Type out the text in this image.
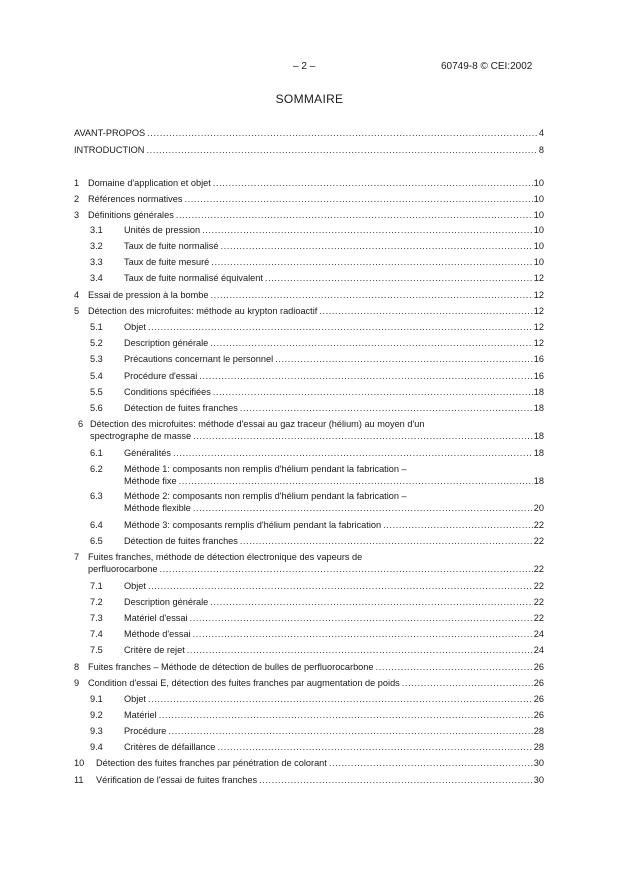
– 2 –	60749-8 © CEI:2002
SOMMAIRE
AVANT-PROPOS .....	4
INTRODUCTION .....	8
1 Domaine d'application et objet .....	10
2 Références normatives .....	10
3 Définitions générales .....	10
3.1 Unités de pression .....	10
3.2 Taux de fuite normalisé .....	10
3.3 Taux de fuite mesuré .....	10
3.4 Taux de fuite normalisé équivalent .....	12
4 Essai de pression à la bombe .....	12
5 Détection des microfuites: méthode au krypton radioactif .....	12
5.1 Objet .....	12
5.2 Description générale .....	12
5.3 Précautions concernant le personnel .....	16
5.4 Procédure d'essai .....	16
5.5 Conditions spécifiées .....	18
5.6 Détection de fuites franches .....	18
6 Détection des microfuites: méthode d'essai au gaz traceur (hélium) au moyen d'un
spectrographe de masse .....	18
6.1 Généralités .....	18
6.2 Méthode 1: composants non remplis d'hélium pendant la fabrication –
Méthode fixe .....	18
6.3 Méthode 2: composants non remplis d'hélium pendant la fabrication –
Méthode flexible .....	20
6.4 Méthode 3: composants remplis d'hélium pendant la fabrication .....	22
6.5 Détection de fuites franches .....	22
7 Fuites franches, méthode de détection électronique des vapeurs de
perfluorocarbone .....	22
7.1 Objet .....	22
7.2 Description générale .....	22
7.3 Matériel d'essai .....	22
7.4 Méthode d'essai .....	24
7.5 Critère de rejet .....	24
8 Fuites franches – Méthode de détection de bulles de perfluorocarbone .....	26
9 Condition d'essai E, détection des fuites franches par augmentation de poids .....	26
9.1 Objet .....	26
9.2 Matériel .....	26
9.3 Procédure .....	28
9.4 Critères de défaillance .....	28
10 Détection des fuites franches par pénétration de colorant .....	30
11 Vérification de l'essai de fuites franches .....	30
